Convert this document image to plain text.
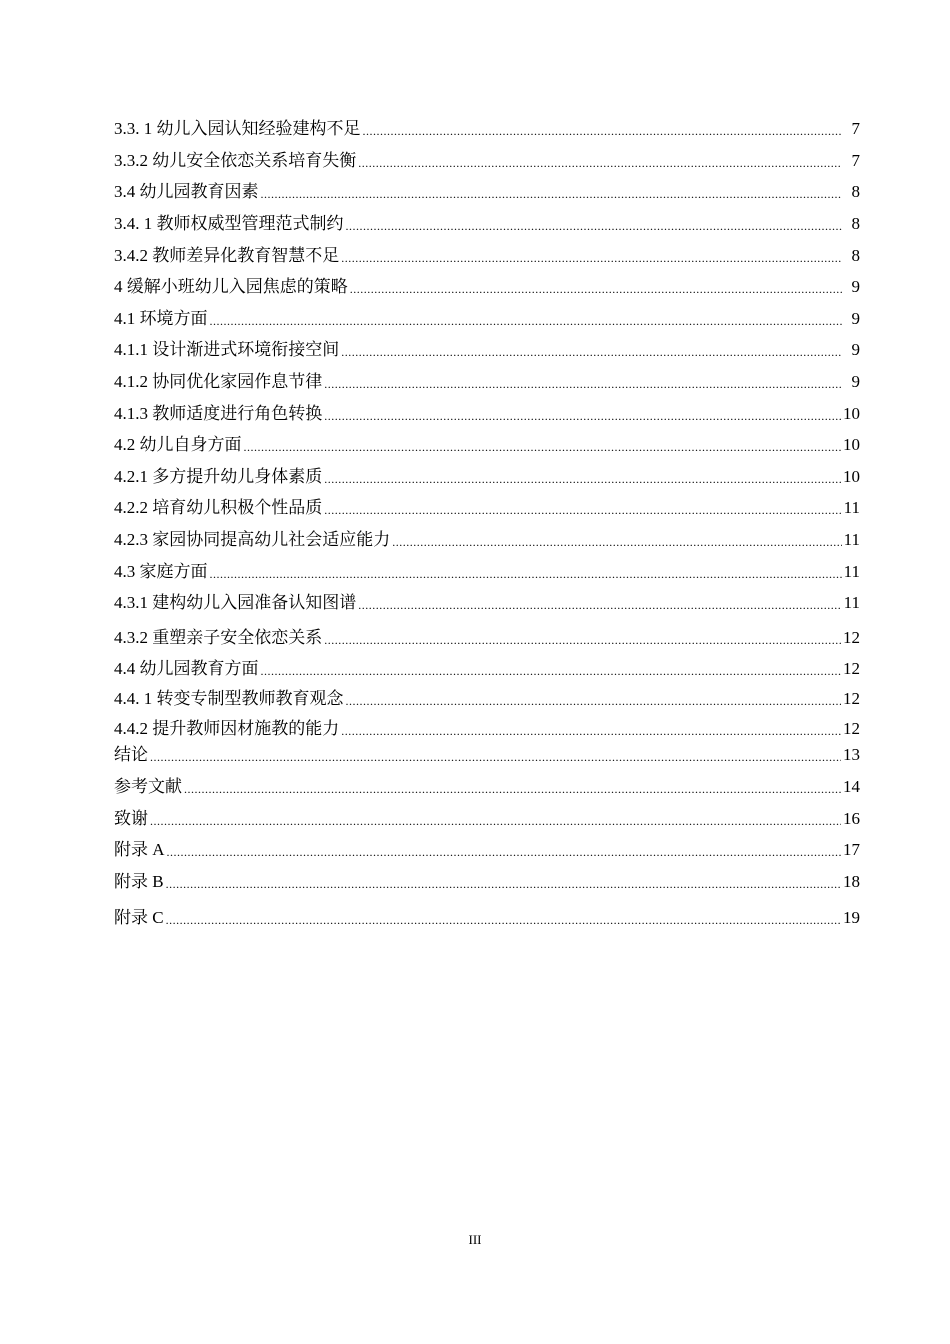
3.3. 1 幼儿入园认知经验建构不足 .....	7
3.3.2 幼儿安全依恋关系培育失衡 .....	7
3.4 幼儿园教育因素 .....	8
3.4. 1 教师权威型管理范式制约 .....	8
3.4.2 教师差异化教育智慧不足 .....	8
4 缓解小班幼儿入园焦虑的策略 .....	9
4.1 环境方面 .....	9
4.1.1 设计渐进式环境衔接空间 .....	9
4.1.2 协同优化家园作息节律 .....	9
4.1.3 教师适度进行角色转换 .....	10
4.2 幼儿自身方面 .....	10
4.2.1 多方提升幼儿身体素质 .....	10
4.2.2 培育幼儿积极个性品质 .....	11
4.2.3 家园协同提高幼儿社会适应能力 .....	11
4.3 家庭方面 .....	11
4.3.1 建构幼儿入园准备认知图谱 .....	11
4.3.2 重塑亲子安全依恋关系 .....	12
4.4 幼儿园教育方面 .....	12
4.4. 1 转变专制型教师教育观念 .....	12
4.4.2 提升教师因材施教的能力 .....	12
结论 .....	13
参考文献 .....	14
致谢 .....	16
附录 A .....	17
附录 B .....	18
附录 C .....	19
III
